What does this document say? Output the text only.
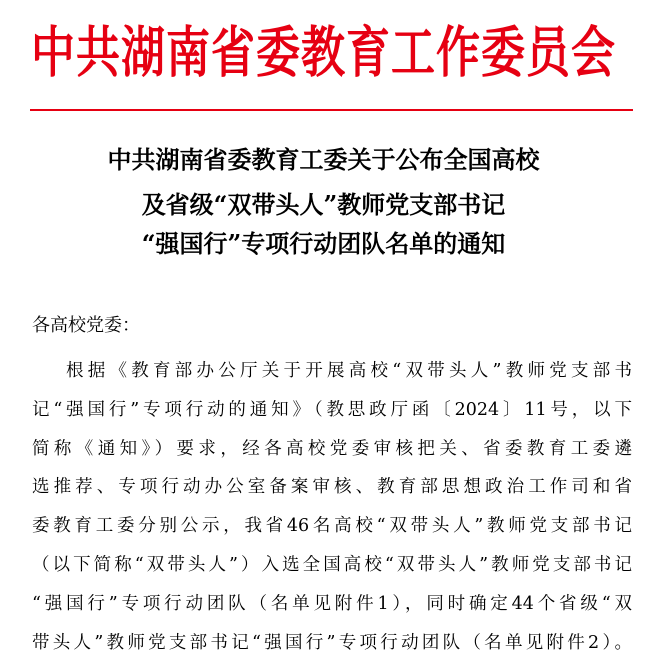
中共湖南省委教育工作委员会
中共湖南省委教育工委关于公布全国高校
及省级“双带头人”教师党支部书记
“强国行”专项行动团队名单的通知
各高校党委：
根据《教育部办公厅关于开展高校“双带头人”教师党支部书
记“强国行”专项行动的通知》（教思政厅函〔2024〕11号，以下
简称《通知》）要求，经各高校党委审核把关、省委教育工委遴
选推荐、专项行动办公室备案审核、教育部思想政治工作司和省
委教育工委分别公示，我省46名高校“双带头人”教师党支部书记
（以下简称“双带头人”）入选全国高校“双带头人”教师党支部书记
“强国行”专项行动团队（名单见附件1），同时确定44个省级“双
带头人”教师党支部书记“强国行”专项行动团队（名单见附件2）。
